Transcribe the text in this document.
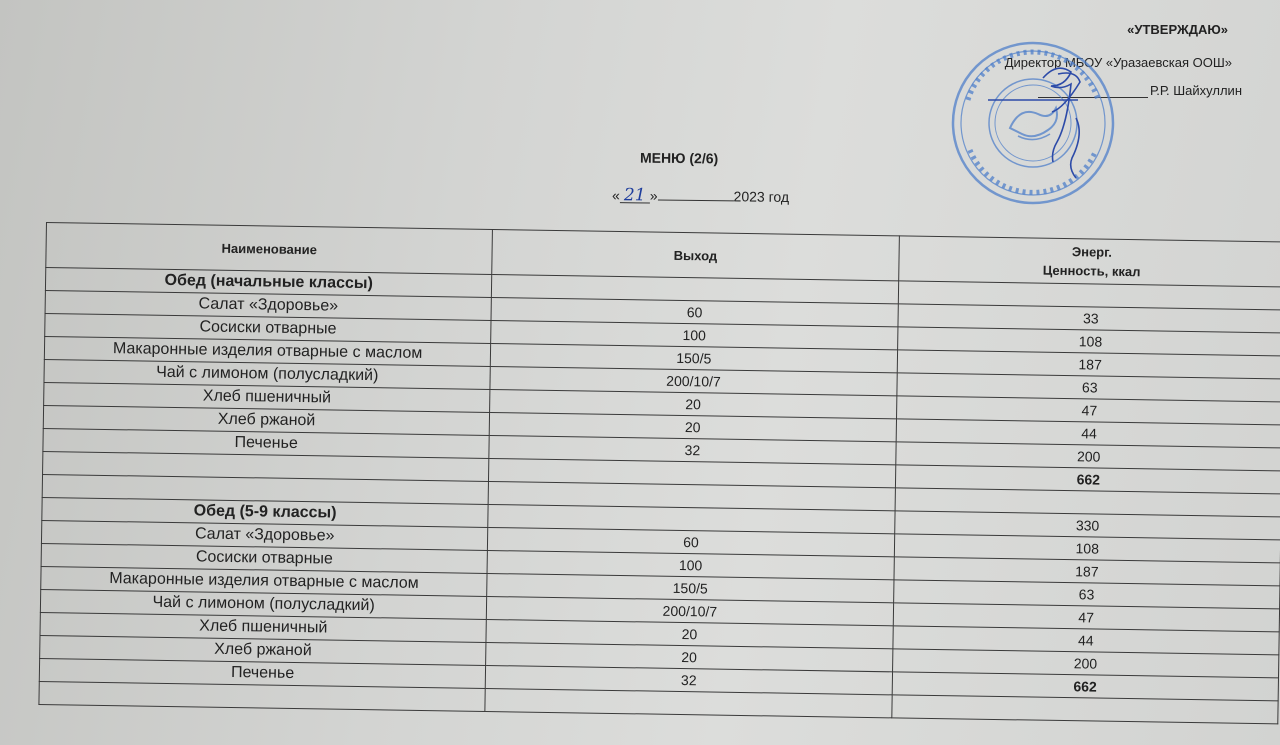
«УТВЕРЖДАЮ»
Директор МБОУ «Уразаевская ООШ»
Р.Р. Шайхуллин
МЕНЮ (2/6)
« 21 »	2023 год
Наименование	Выход	Энерг.
Ценность, ккал
Обед (начальные классы)		
Салат «Здоровье»	60	33
Сосиски отварные	100	108
Макаронные изделия отварные с маслом	150/5	187
Чай с лимоном (полусладкий)	200/10/7	63
Хлеб пшеничный	20	47
Хлеб ржаной	20	44
Печенье	32	200
		662

Обед (5-9 классы)		330
Салат «Здоровье»	60	108
Сосиски отварные	100	187
Макаронные изделия отварные с маслом	150/5	63
Чай с лимоном (полусладкий)	200/10/7	47
Хлеб пшеничный	20	44
Хлеб ржаной	20	200
Печенье	32	662
